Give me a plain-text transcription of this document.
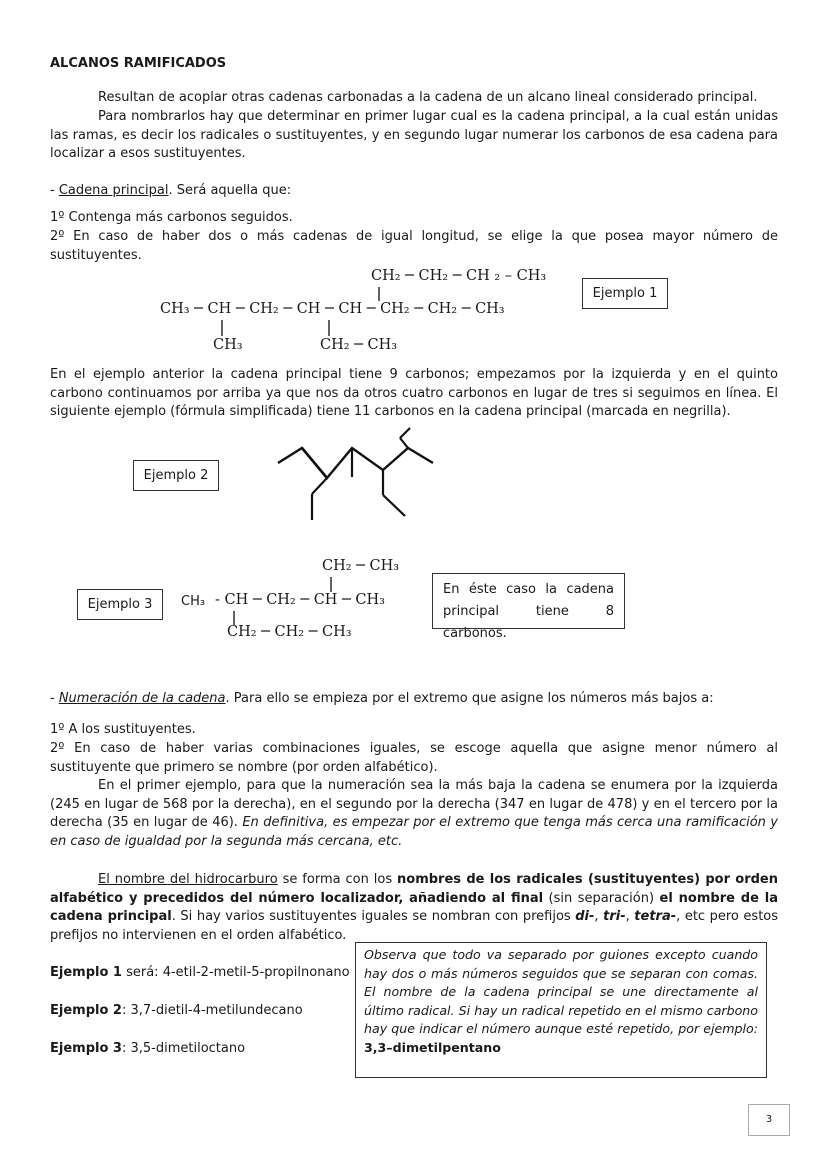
ALCANOS RAMIFICADOS
Resultan de acoplar otras cadenas carbonadas a la cadena de un alcano lineal considerado principal.
Para nombrarlos hay que determinar en primer lugar cual es la cadena principal, a la cual están unidas las ramas, es decir los radicales o sustituyentes, y en segundo lugar numerar los carbonos de esa cadena para localizar a esos sustituyentes.
- Cadena principal. Será aquella que:
1º Contenga más carbonos seguidos.
2º En caso de haber dos o más cadenas de igual longitud, se elige la que posea mayor número de sustituyentes.
CH₂ ─ CH₂ ─ CH ₂ – CH₃
CH₃ ─ CH ─ CH₂ ─ CH ─ CH ─ CH₂ ─ CH₂ ─ CH₃
CH₃	CH₂ ─ CH₃
Ejemplo 1
En el ejemplo anterior la cadena principal tiene 9 carbonos; empezamos por la izquierda y en el quinto carbono continuamos por arriba ya que nos da otros cuatro carbonos en lugar de tres si seguimos en línea. El siguiente ejemplo (fórmula simplificada) tiene 11 carbonos en la cadena principal (marcada en negrilla).
Ejemplo 2
Ejemplo 3
CH₂ ─ CH₃
CH₃ - CH ─ CH₂ ─ CH ─ CH₃
CH₂ ─ CH₂ ─ CH₃
En éste caso la cadena principal tiene 8 carbonos.
- Numeración de la cadena. Para ello se empieza por el extremo que asigne los números más bajos a:
1º A los sustituyentes.
2º En caso de haber varias combinaciones iguales, se escoge aquella que asigne menor número al sustituyente que primero se nombre (por orden alfabético).
En el primer ejemplo, para que la numeración sea la más baja la cadena se enumera por la izquierda (245 en lugar de 568 por la derecha), en el segundo por la derecha (347 en lugar de 478) y en el tercero por la derecha (35 en lugar de 46). En definitiva, es empezar por el extremo que tenga más cerca una ramificación y en caso de igualdad por la segunda más cercana, etc.
El nombre del hidrocarburo se forma con los nombres de los radicales (sustituyentes) por orden alfabético y precedidos del número localizador, añadiendo al final (sin separación) el nombre de la cadena principal. Si hay varios sustituyentes iguales se nombran con prefijos di-, tri-, tetra-, etc pero estos prefijos no intervienen en el orden alfabético.
Ejemplo 1 será: 4-etil-2-metil-5-propilnonano
Ejemplo 2: 3,7-dietil-4-metilundecano
Ejemplo 3: 3,5-dimetiloctano
Observa que todo va separado por guiones excepto cuando hay dos o más números seguidos que se separan con comas. El nombre de la cadena principal se une directamente al último radical. Si hay un radical repetido en el mismo carbono hay que indicar el número aunque esté repetido, por ejemplo: 3,3–dimetilpentano
3
